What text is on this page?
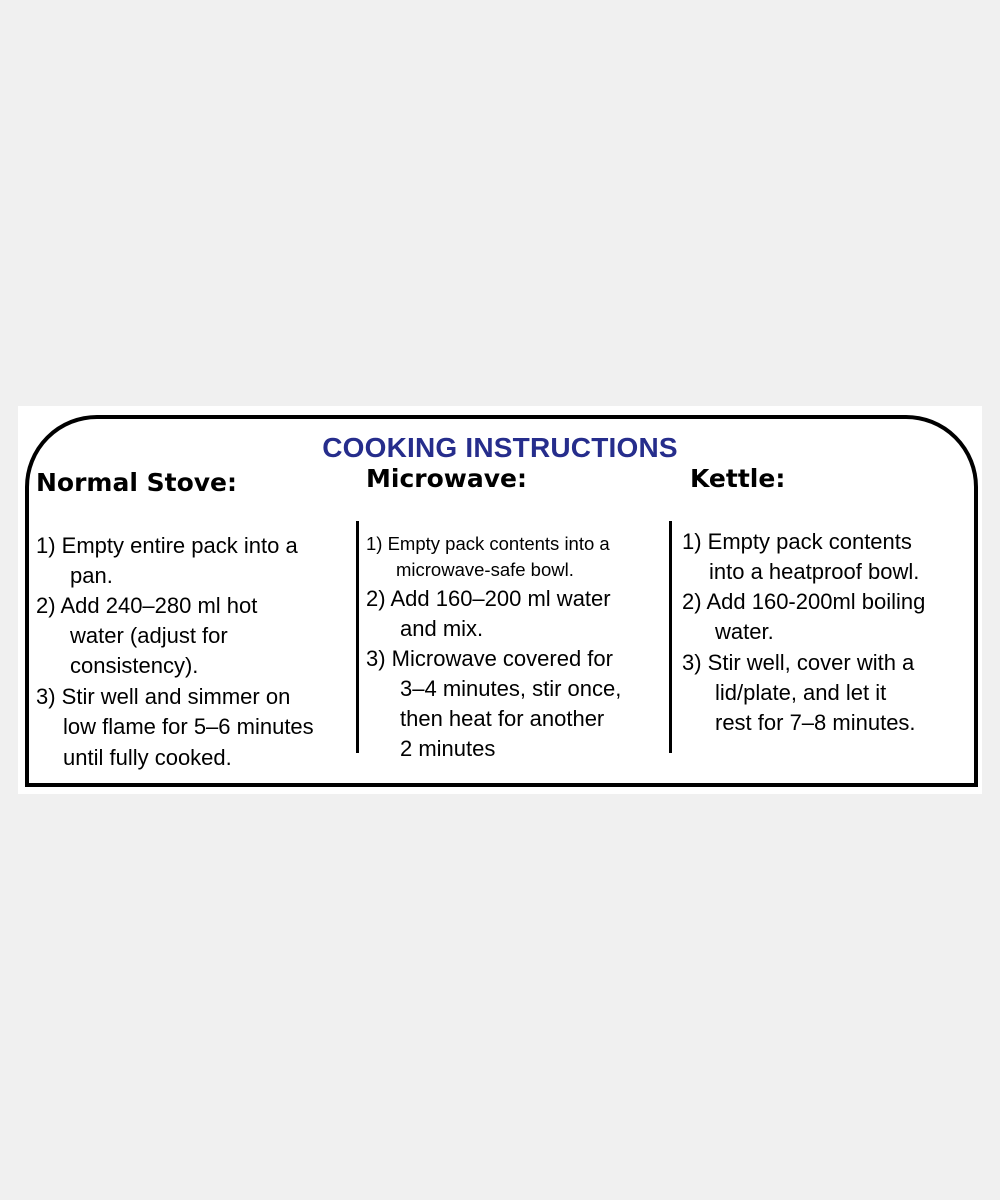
COOKING INSTRUCTIONS
Normal Stove:	Microwave:	Kettle:
1) Empty entire pack into a
pan.
2) Add 240–280 ml hot
water (adjust for
consistency).
3) Stir well and simmer on
low flame for 5–6 minutes
until fully cooked.
1) Empty pack contents into a
microwave-safe bowl.
2) Add 160–200 ml water
and mix.
3) Microwave covered for
3–4 minutes, stir once,
then heat for another
2 minutes
1) Empty pack contents
into a heatproof bowl.
2) Add 160-200ml boiling
water.
3) Stir well, cover with a
lid/plate, and let it
rest for 7–8 minutes.
